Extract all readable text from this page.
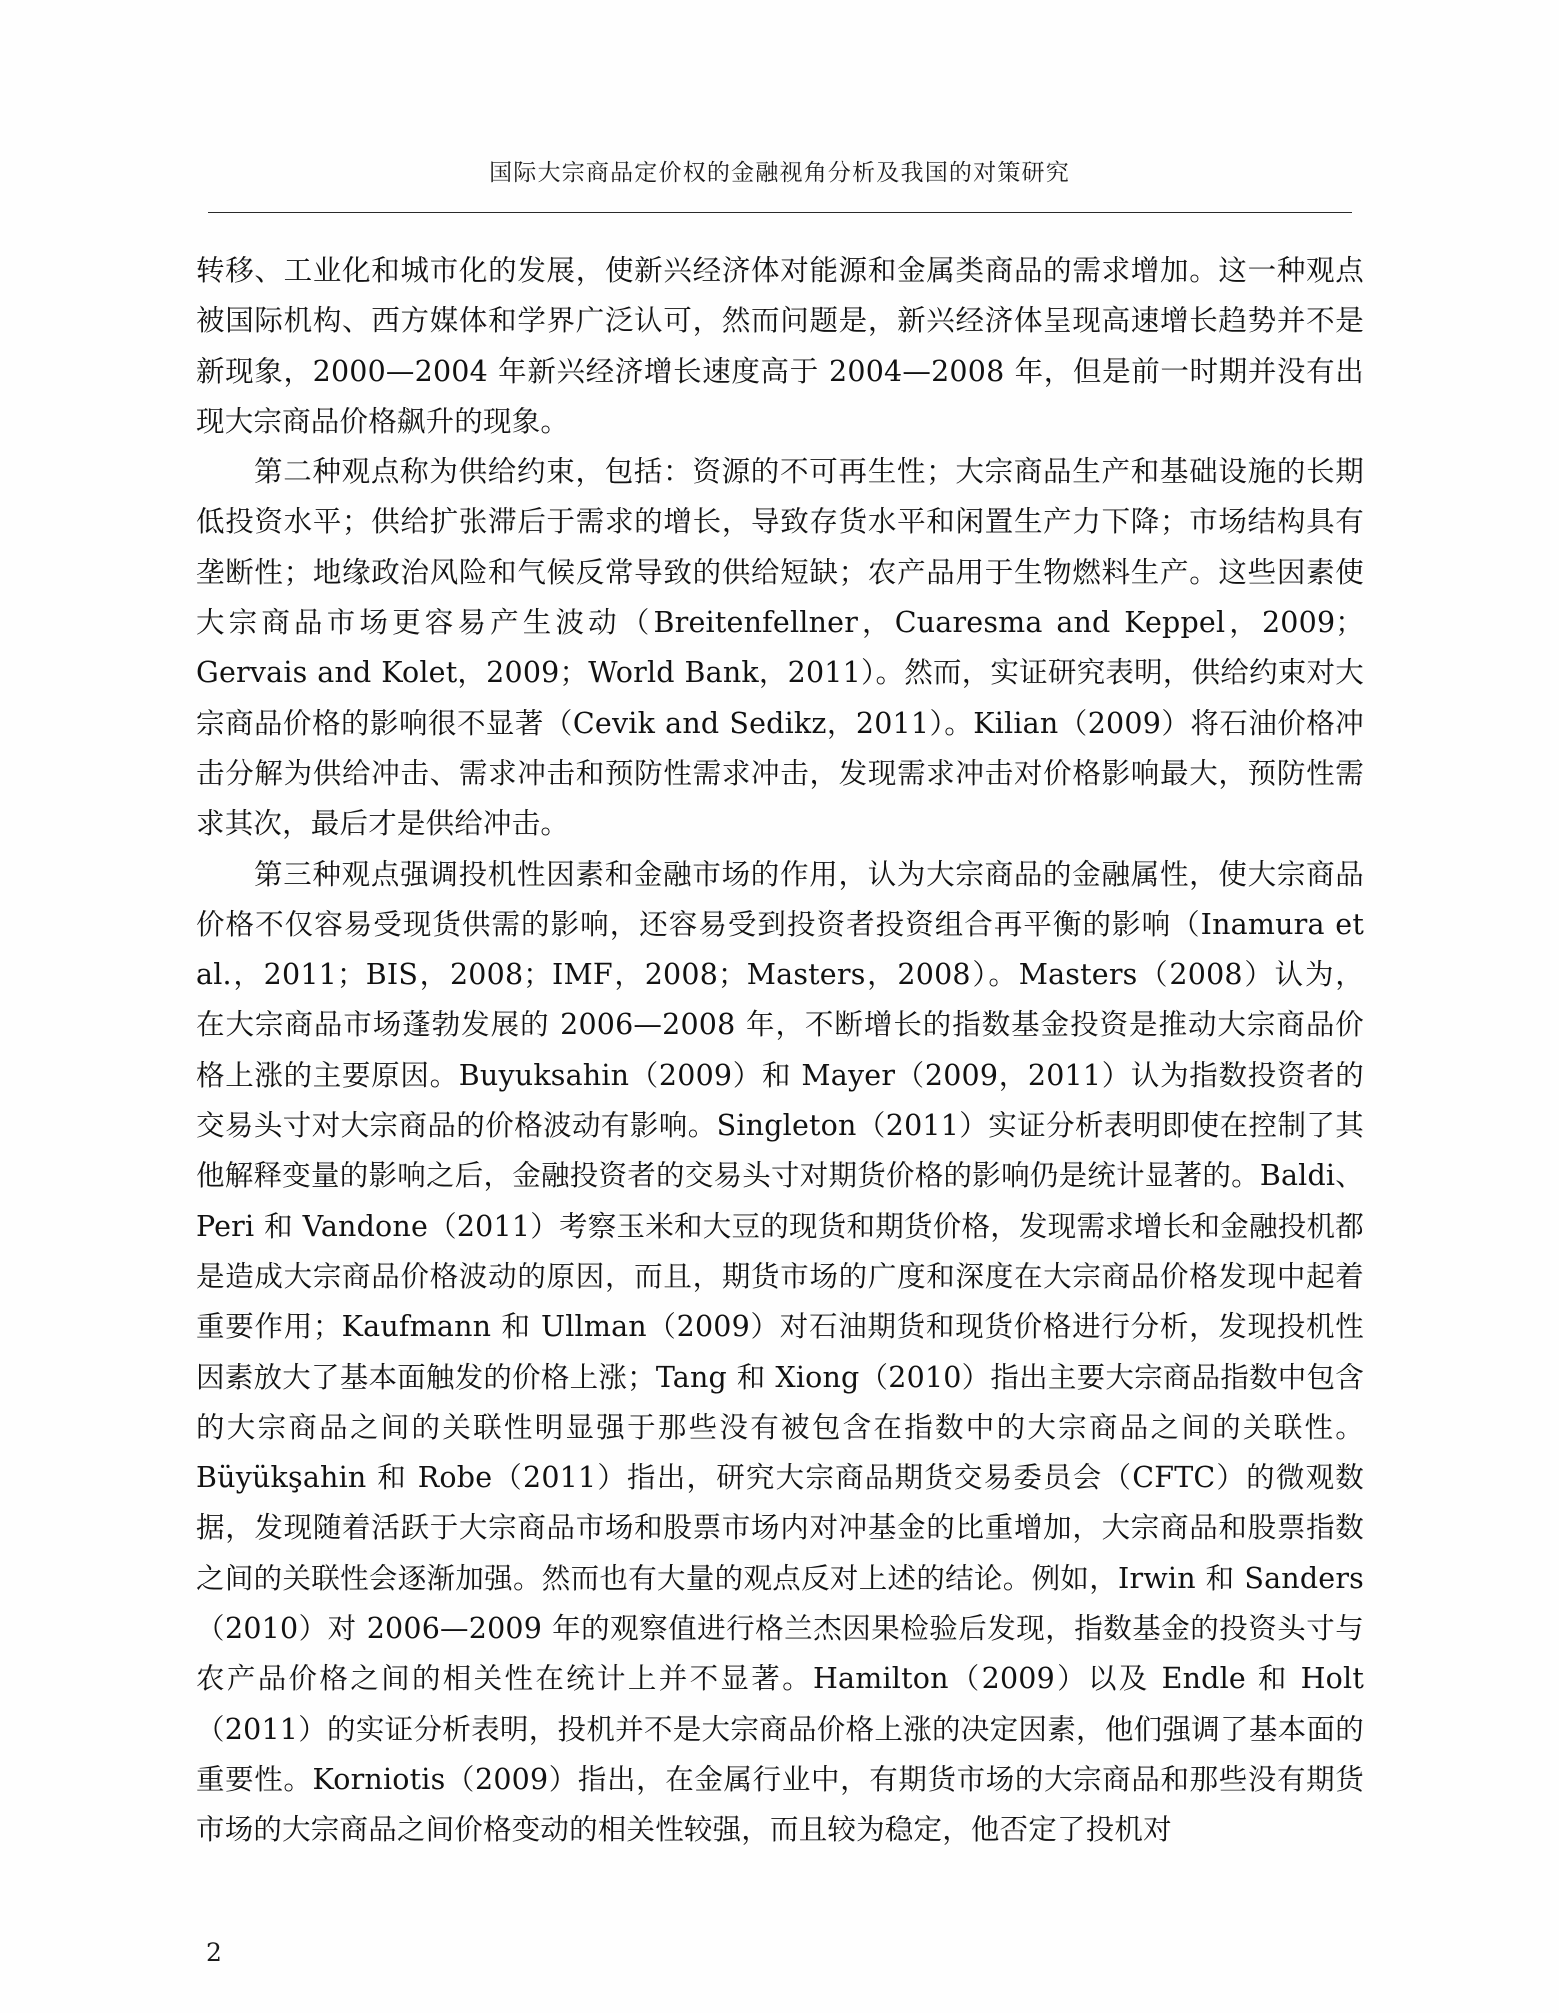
国际大宗商品定价权的金融视角分析及我国的对策研究

转移、工业化和城市化的发展，使新兴经济体对能源和金属类商品的需求增加。这一种观点被国际机构、西方媒体和学界广泛认可，然而问题是，新兴经济体呈现高速增长趋势并不是新现象，2000—2004 年新兴经济增长速度高于 2004—2008 年，但是前一时期并没有出现大宗商品价格飙升的现象。

第二种观点称为供给约束，包括：资源的不可再生性；大宗商品生产和基础设施的长期低投资水平；供给扩张滞后于需求的增长，导致存货水平和闲置生产力下降；市场结构具有垄断性；地缘政治风险和气候反常导致的供给短缺；农产品用于生物燃料生产。这些因素使大宗商品市场更容易产生波动（Breitenfellner，Cuaresma and Keppel，2009；Gervais and Kolet，2009；World Bank，2011）。然而，实证研究表明，供给约束对大宗商品价格的影响很不显著（Cevik and Sedikz，2011）。Kilian（2009）将石油价格冲击分解为供给冲击、需求冲击和预防性需求冲击，发现需求冲击对价格影响最大，预防性需求其次，最后才是供给冲击。

第三种观点强调投机性因素和金融市场的作用，认为大宗商品的金融属性，使大宗商品价格不仅容易受现货供需的影响，还容易受到投资者投资组合再平衡的影响（Inamura et al.，2011；BIS，2008；IMF，2008；Masters，2008）。Masters（2008）认为，在大宗商品市场蓬勃发展的 2006—2008 年，不断增长的指数基金投资是推动大宗商品价格上涨的主要原因。Buyuksahin（2009）和 Mayer（2009，2011）认为指数投资者的交易头寸对大宗商品的价格波动有影响。Singleton（2011）实证分析表明即使在控制了其他解释变量的影响之后，金融投资者的交易头寸对期货价格的影响仍是统计显著的。Baldi、Peri 和 Vandone（2011）考察玉米和大豆的现货和期货价格，发现需求增长和金融投机都是造成大宗商品价格波动的原因，而且，期货市场的广度和深度在大宗商品价格发现中起着重要作用；Kaufmann 和 Ullman（2009）对石油期货和现货价格进行分析，发现投机性因素放大了基本面触发的价格上涨；Tang 和 Xiong（2010）指出主要大宗商品指数中包含的大宗商品之间的关联性明显强于那些没有被包含在指数中的大宗商品之间的关联性。Büyükşahin 和 Robe（2011）指出，研究大宗商品期货交易委员会（CFTC）的微观数据，发现随着活跃于大宗商品市场和股票市场内对冲基金的比重增加，大宗商品和股票指数之间的关联性会逐渐加强。然而也有大量的观点反对上述的结论。例如，Irwin 和 Sanders（2010）对 2006—2009 年的观察值进行格兰杰因果检验后发现，指数基金的投资头寸与农产品价格之间的相关性在统计上并不显著。Hamilton（2009）以及 Endle 和 Holt（2011）的实证分析表明，投机并不是大宗商品价格上涨的决定因素，他们强调了基本面的重要性。Korniotis（2009）指出，在金属行业中，有期货市场的大宗商品和那些没有期货市场的大宗商品之间价格变动的相关性较强，而且较为稳定，他否定了投机对

2
